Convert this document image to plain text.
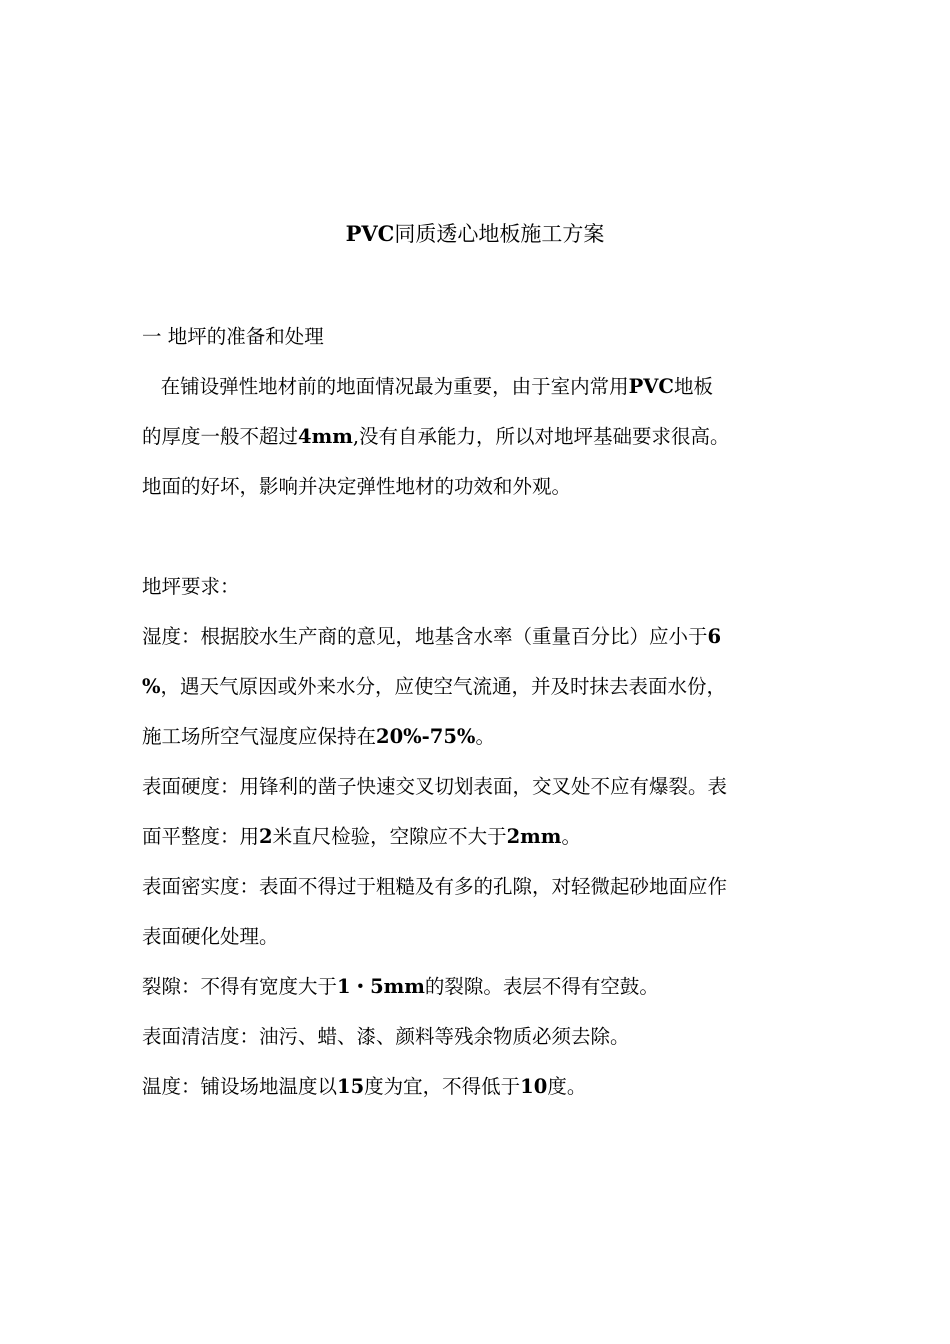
PVC同质透心地板施工方案
一 地坪的准备和处理
在铺设弹性地材前的地面情况最为重要，由于室内常用PVC地板
的厚度一般不超过4mm,没有自承能力，所以对地坪基础要求很高。
地面的好坏，影响并决定弹性地材的功效和外观。
地坪要求：
湿度：根据胶水生产商的意见，地基含水率（重量百分比）应小于6
%，遇天气原因或外来水分，应使空气流通，并及时抹去表面水份，
施工场所空气湿度应保持在20%-75%。
表面硬度：用锋利的凿子快速交叉切划表面，交叉处不应有爆裂。表
面平整度：用2米直尺检验，空隙应不大于2mm。
表面密实度：表面不得过于粗糙及有多的孔隙，对轻微起砂地面应作
表面硬化处理。
裂隙：不得有宽度大于1・5mm的裂隙。表层不得有空鼓。
表面清洁度：油污、蜡、漆、颜料等残余物质必须去除。
温度：铺设场地温度以15度为宜，不得低于10度。
